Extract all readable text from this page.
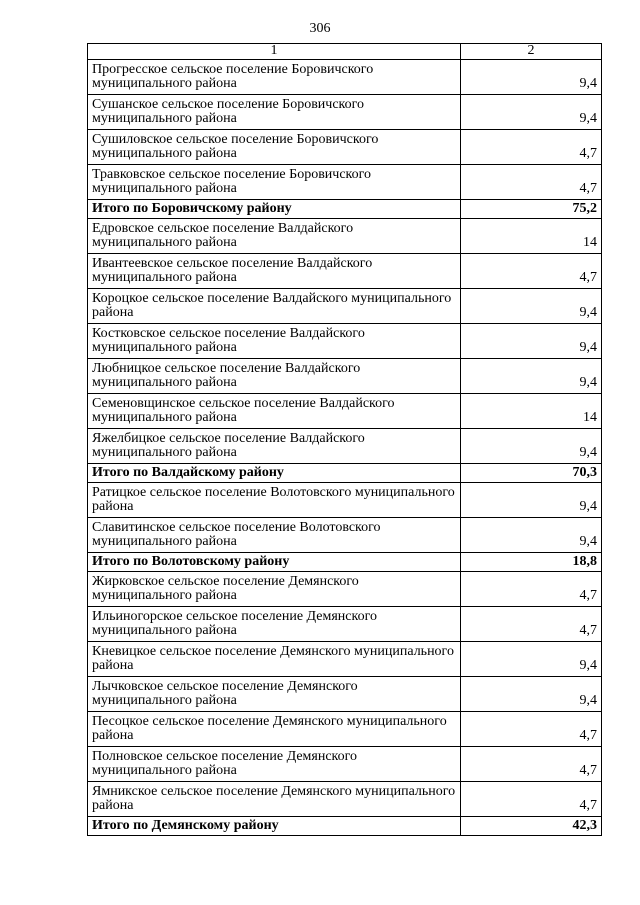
306
1	2
Прогресское сельское поселение Боровичского муниципального района	9,4
Сушанское сельское поселение Боровичского муниципального района	9,4
Сушиловское сельское поселение Боровичского муниципального района	4,7
Травковское сельское поселение Боровичского муниципального района	4,7
Итого по Боровичскому району	75,2
Едровское сельское поселение Валдайского муниципального района	14
Ивантеевское сельское поселение Валдайского муниципального района	4,7
Короцкое сельское поселение Валдайского муниципального района	9,4
Костковское сельское поселение Валдайского муниципального района	9,4
Любницкое сельское поселение Валдайского муниципального района	9,4
Семеновщинское сельское поселение Валдайского муниципального района	14
Яжелбицкое сельское поселение Валдайского муниципального района	9,4
Итого по Валдайскому району	70,3
Ратицкое сельское поселение Волотовского муниципального района	9,4
Славитинское сельское поселение Волотовского муниципального района	9,4
Итого по Волотовскому району	18,8
Жирковское сельское поселение Демянского муниципального района	4,7
Ильиногорское сельское поселение Демянского муниципального района	4,7
Кневицкое сельское поселение Демянского муниципального района	9,4
Лычковское сельское поселение Демянского муниципального района	9,4
Песоцкое сельское поселение Демянского муниципального района	4,7
Полновское сельское поселение Демянского муниципального района	4,7
Ямникское сельское поселение Демянского муниципального района	4,7
Итого по Демянскому району	42,3
